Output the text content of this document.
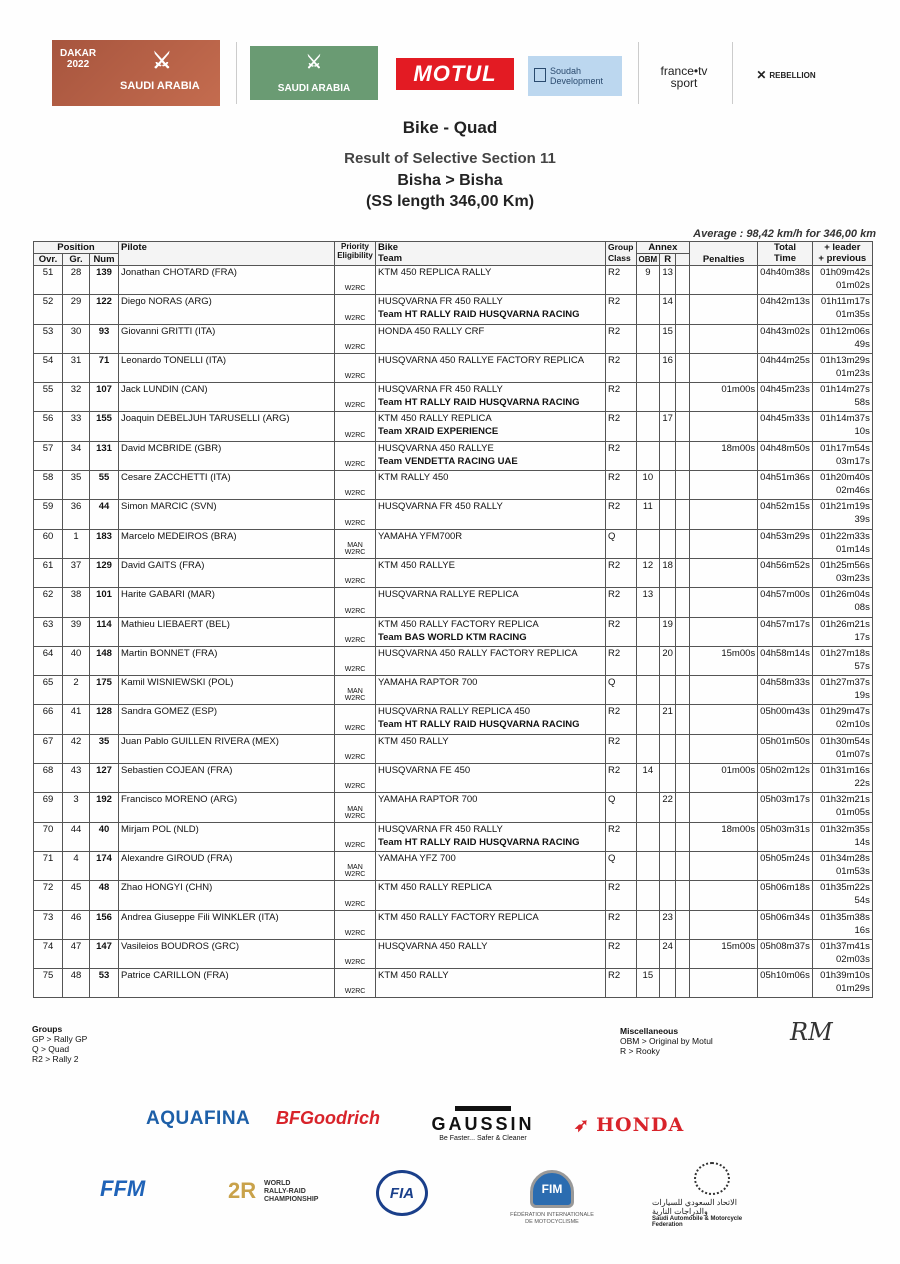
DAKAR
2022	⚔
SAUDI ARABIA
⚔
SAUDI ARABIA
MOTUL	Soudah
Development
france•tv
sport
✕ REBELLION
Bike - Quad
Result of Selective Section 11
Bisha > Bisha
(SS length 346,00 Km)
Average : 98,42 km/h for 346,00 km
Position			Pilote	Priority
Eligibility	Bike
Team	Group
Class	Annex			Penalties	Total
Time	+ leader
+ previous
Ovr.	Gr.	Num					OBM	R				
51	28	139	Jonathan CHOTARD (FRA)	W2RC	KTM 450 REPLICA RALLY	R2	9	13			04h40m38s	01h09m42s
01m02s

52	29	122	Diego NORAS (ARG)	W2RC	HUSQVARNA FR 450 RALLY
Team HT RALLY RAID HUSQVARNA RACING	R2		14			04h42m13s	01h11m17s
01m35s

53	30	93	Giovanni GRITTI (ITA)	W2RC	HONDA 450 RALLY CRF	R2		15			04h43m02s	01h12m06s
49s

54	31	71	Leonardo TONELLI (ITA)	W2RC	HUSQVARNA 450 RALLYE FACTORY REPLICA	R2		16			04h44m25s	01h13m29s
01m23s

55	32	107	Jack LUNDIN (CAN)	W2RC	HUSQVARNA FR 450 RALLY
Team HT RALLY RAID HUSQVARNA RACING	R2				01m00s	04h45m23s	01h14m27s
58s

56	33	155	Joaquin DEBELJUH TARUSELLI (ARG)	W2RC	KTM 450 RALLY REPLICA
Team XRAID EXPERIENCE	R2		17			04h45m33s	01h14m37s
10s

57	34	131	David MCBRIDE (GBR)	W2RC	HUSQVARNA 450 RALLYE
Team VENDETTA RACING UAE	R2				18m00s	04h48m50s	01h17m54s
03m17s

58	35	55	Cesare ZACCHETTI (ITA)	W2RC	KTM RALLY 450	R2	10				04h51m36s	01h20m40s
02m46s

59	36	44	Simon MARCIC (SVN)	W2RC	HUSQVARNA FR 450 RALLY	R2	11				04h52m15s	01h21m19s
39s

60	1	183	Marcelo MEDEIROS (BRA)	MAN
W2RC	YAMAHA YFM700R	Q					04h53m29s	01h22m33s
01m14s

61	37	129	David GAITS (FRA)	W2RC	KTM 450 RALLYE	R2	12	18			04h56m52s	01h25m56s
03m23s

62	38	101	Harite GABARI (MAR)	W2RC	HUSQVARNA RALLYE REPLICA	R2	13				04h57m00s	01h26m04s
08s

63	39	114	Mathieu LIEBAERT (BEL)	W2RC	KTM 450 RALLY FACTORY REPLICA
Team BAS WORLD KTM RACING	R2		19			04h57m17s	01h26m21s
17s

64	40	148	Martin BONNET (FRA)	W2RC	HUSQVARNA 450 RALLY FACTORY REPLICA	R2		20		15m00s	04h58m14s	01h27m18s
57s

65	2	175	Kamil WISNIEWSKI (POL)	MAN
W2RC	YAMAHA RAPTOR 700	Q					04h58m33s	01h27m37s
19s

66	41	128	Sandra GOMEZ (ESP)	W2RC	HUSQVARNA RALLY REPLICA 450
Team HT RALLY RAID HUSQVARNA RACING	R2		21			05h00m43s	01h29m47s
02m10s

67	42	35	Juan Pablo GUILLEN RIVERA (MEX)	W2RC	KTM 450 RALLY	R2					05h01m50s	01h30m54s
01m07s

68	43	127	Sebastien COJEAN (FRA)	W2RC	HUSQVARNA FE 450	R2	14			01m00s	05h02m12s	01h31m16s
22s

69	3	192	Francisco MORENO (ARG)	MAN
W2RC	YAMAHA RAPTOR 700	Q		22			05h03m17s	01h32m21s
01m05s

70	44	40	Mirjam POL (NLD)	W2RC	HUSQVARNA FR 450 RALLY
Team HT RALLY RAID HUSQVARNA RACING	R2				18m00s	05h03m31s	01h32m35s
14s

71	4	174	Alexandre GIROUD (FRA)	MAN
W2RC	YAMAHA YFZ 700	Q					05h05m24s	01h34m28s
01m53s

72	45	48	Zhao HONGYI (CHN)	W2RC	KTM 450 RALLY REPLICA	R2					05h06m18s	01h35m22s
54s

73	46	156	Andrea Giuseppe Fili WINKLER (ITA)	W2RC	KTM 450 RALLY FACTORY REPLICA	R2		23			05h06m34s	01h35m38s
16s

74	47	147	Vasileios BOUDROS (GRC)	W2RC	HUSQVARNA 450 RALLY	R2		24		15m00s	05h08m37s	01h37m41s
02m03s

75	48	53	Patrice CARILLON (FRA)	W2RC	KTM 450 RALLY	R2	15				05h10m06s	01h39m10s
01m29s
Groups
GP > Rally GP
Q > Quad
R2 > Rally 2
Miscellaneous
OBM > Original by Motul
R > Rooky
RM
AQUAFINA BFGoodrich	GAUSSIN
Be Faster... Safer & Cleaner
➶ HONDA
FFM	2R WORLD
RALLY-RAID
CHAMPIONSHIP	FIA	FIM
FÉDÉRATION INTERNATIONALE
DE MOTOCYCLISME
الاتحاد السعودي للسيارات والدراجات النارية
Saudi Automobile & Motorcycle Federation
